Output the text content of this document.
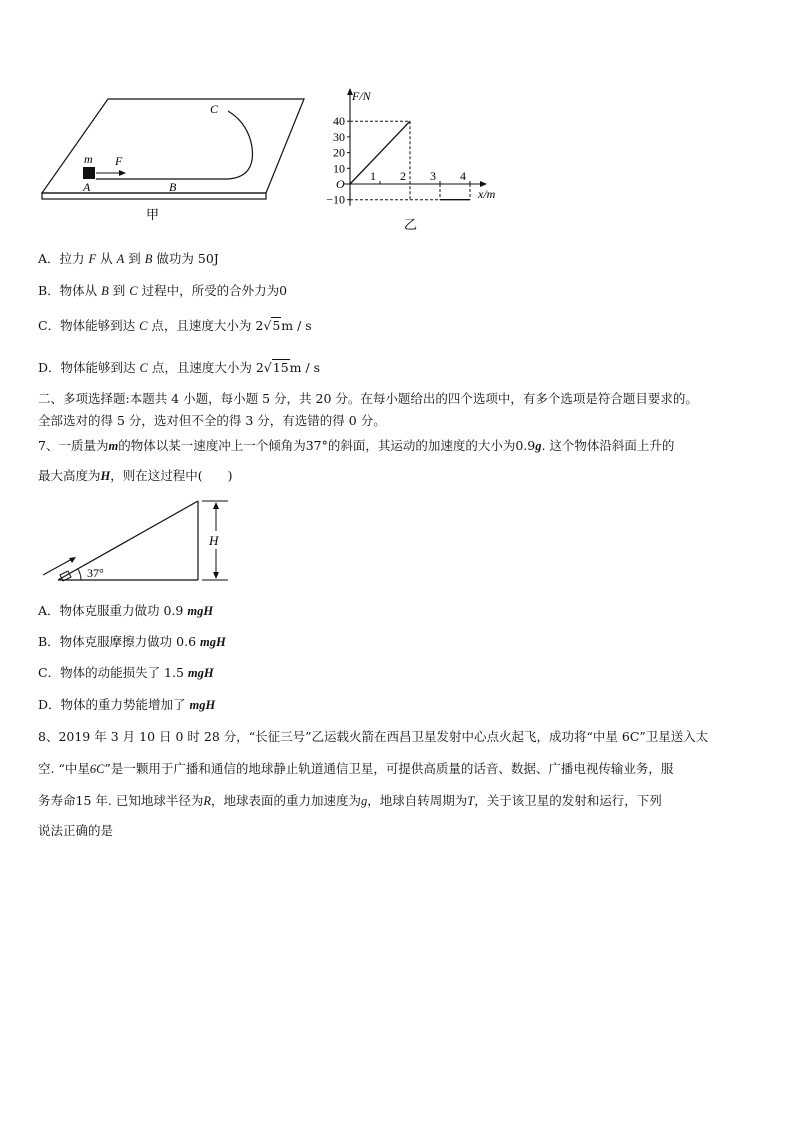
m F
A	B
C
甲
40
30
20
10
−10
1 2 3 4
F/N
x/m
O
乙
A．拉力 F 从 A 到 B 做功为 50J
B．物体从 B 到 C 过程中，所受的合外力为0
C．物体能够到达 C 点，且速度大小为 2√5m / s
D．物体能够到达 C 点，且速度大小为 2√15m / s
二、多项选择题:本题共 4 小题，每小题 5 分，共 20 分。在每小题给出的四个选项中，有多个选项是符合题目要求的。
全部选对的得 5 分，选对但不全的得 3 分，有选错的得 0 分。
7、一质量为m的物体以某一速度冲上一个倾角为37°的斜面，其运动的加速度的大小为0.9g. 这个物体沿斜面上升的
最大高度为H，则在这过程中(　　)
37°
H
A．物体克服重力做功 0.9 mgH
B．物体克服摩擦力做功 0.6 mgH
C．物体的动能损失了 1.5 mgH
D．物体的重力势能增加了 mgH
8、2019 年 3 月 10 日 0 时 28 分，“长征三号”乙运载火箭在西昌卫星发射中心点火起飞，成功将“中星 6C”卫星送入太
空. “中星6C”是一颗用于广播和通信的地球静止轨道通信卫星，可提供高质量的话音、数据、广播电视传输业务，服
务寿命15 年. 已知地球半径为R，地球表面的重力加速度为g，地球自转周期为T，关于该卫星的发射和运行，下列
说法正确的是
